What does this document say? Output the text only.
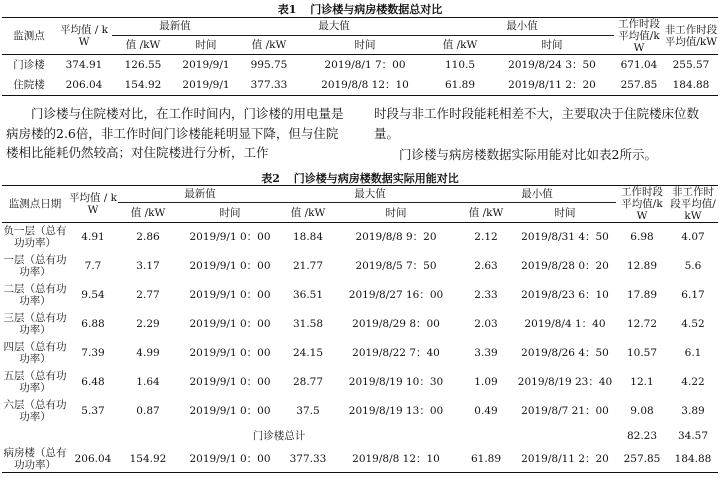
表1 门诊楼与病房楼数据总对比
监测点	平均值 / kW	最新值		最大值		最小值		工作时段平均值/kW	非工作时段平均值/kW
		值 /kW	时间	值 /kW	时间	值 /kW	时间		
门诊楼	374.91	126.55	2019/9/1	995.75	2019/8/1 7：00	110.5	2019/8/24 3：50	671.04	255.57
住院楼	206.04	154.92	2019/9/1	377.33	2019/8/8 12：10	61.89	2019/8/11 2：20	257.85	184.88

门诊楼与住院楼对比，在工作时间内，门诊楼的用电量是病房楼的2.6倍，非工作时间门诊楼能耗明显下降，但与住院楼相比能耗仍然较高；对住院楼进行分析，工作

时段与非工作时段能耗相差不大，主要取决于住院楼床位数量。

门诊楼与病房楼数据实际用能对比如表2所示。

表2 门诊楼与病房楼数据实际用能对比
监测点日期	平均值 / kW	最新值		最大值		最小值		工作时段平均值/kW	非工作时段平均值/kW
		值 /kW	时间	值 /kW	时间	值 /kW	时间		
负一层（总有功功率）	4.91	2.86	2019/9/1 0：00	18.84	2019/8/8 9：20	2.12	2019/8/31 4：50	6.98	4.07
一层（总有功功率）	7.7	3.17	2019/9/1 0：00	21.77	2019/8/5 7：50	2.63	2019/8/28 0：20	12.89	5.6
二层（总有功功率）	9.54	2.77	2019/9/1 0：00	36.51	2019/8/27 16：00	2.33	2019/8/23 6：10	17.89	6.17
三层（总有功功率）	6.88	2.29	2019/9/1 0：00	31.58	2019/8/29 8：00	2.03	2019/8/4 1：40	12.72	4.52
四层（总有功功率）	7.39	4.99	2019/9/1 0：00	24.15	2019/8/22 7：40	3.39	2019/8/26 4：50	10.57	6.1
五层（总有功功率）	6.48	1.64	2019/9/1 0：00	28.77	2019/8/19 10：30	1.09	2019/8/19 23：40	12.1	4.22
六层（总有功功率）	5.37	0.87	2019/9/1 0：00	37.5	2019/8/19 13：00	0.49	2019/8/7 21：00	9.08	3.89
门诊楼总计								82.23	34.57
病房楼（总有功功率）	206.04	154.92	2019/9/1 0：00	377.33	2019/8/8 12：10	61.89	2019/8/11 2：20	257.85	184.88
